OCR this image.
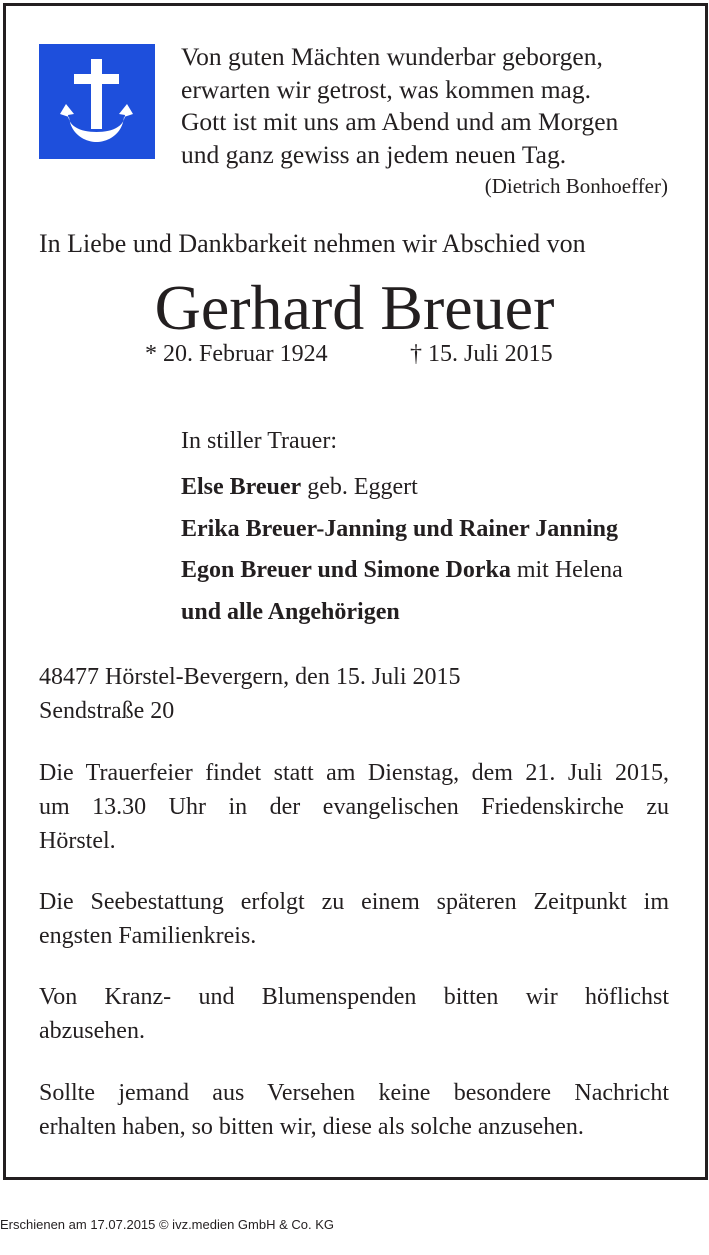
Von guten Mächten wunderbar geborgen,
erwarten wir getrost, was kommen mag.
Gott ist mit uns am Abend und am Morgen
und ganz gewiss an jedem neuen Tag.
(Dietrich Bonhoeffer)
In Liebe und Dankbarkeit nehmen wir Abschied von
Gerhard Breuer
* 20. Februar 1924	† 15. Juli 2015
In stiller Trauer:
Else Breuer geb. Eggert
Erika Breuer-Janning und Rainer Janning
Egon Breuer und Simone Dorka mit Helena
und alle Angehörigen
48477 Hörstel-Bevergern, den 15. Juli 2015
Sendstraße 20
Die Trauerfeier findet statt am Dienstag, dem 21. Juli 2015,
um 13.30 Uhr in der evangelischen Friedenskirche zu
Hörstel.
Die Seebestattung erfolgt zu einem späteren Zeitpunkt im
engsten Familienkreis.
Von Kranz- und Blumenspenden bitten wir höflichst
abzusehen.
Sollte jemand aus Versehen keine besondere Nachricht
erhalten haben, so bitten wir, diese als solche anzusehen.
Erschienen am 17.07.2015 © ivz.medien GmbH & Co. KG
